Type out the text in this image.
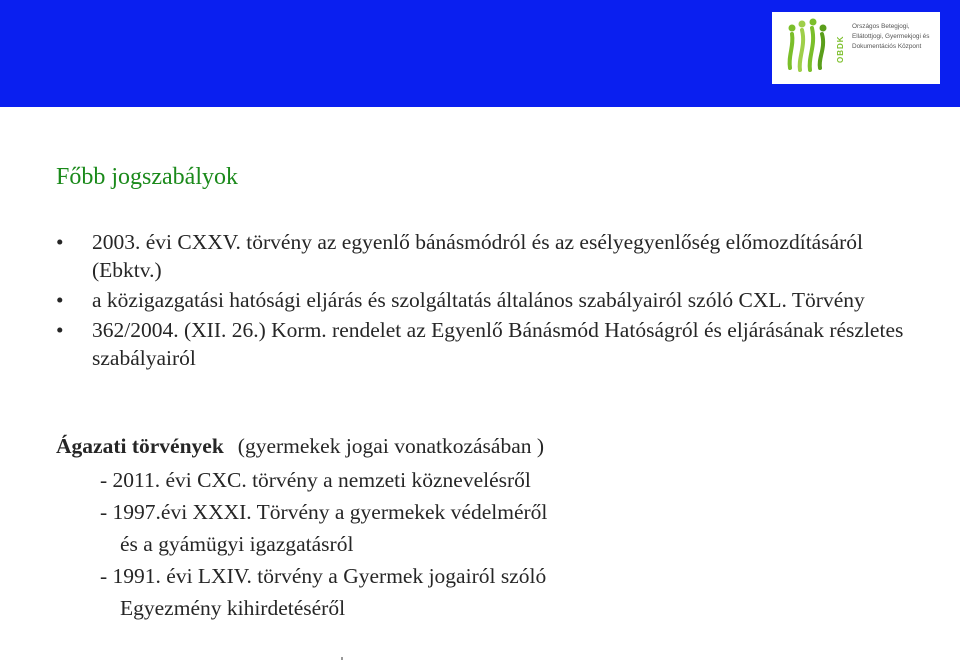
OBDK
Országos Betegjogi,
Ellátottjogi, Gyermekjogi és
Dokumentációs Központ
Főbb jogszabályok
• 2003. évi CXXV. törvény az egyenlő bánásmódról és az esélyegyenlőség előmozdításáról (Ebktv.)
• a közigazgatási hatósági eljárás és szolgáltatás általános szabályairól szóló CXL. Törvény
• 362/2004. (XII. 26.) Korm. rendelet az Egyenlő Bánásmód Hatóságról és eljárásának részletes szabályairól
Ágazati törvények (gyermekek jogai vonatkozásában )
- 2011. évi CXC. törvény a nemzeti köznevelésről
- 1997.évi XXXI. Törvény a gyermekek védelméről
és a gyámügyi igazgatásról
- 1991. évi LXIV. törvény a Gyermek jogairól szóló
Egyezmény kihirdetéséről
